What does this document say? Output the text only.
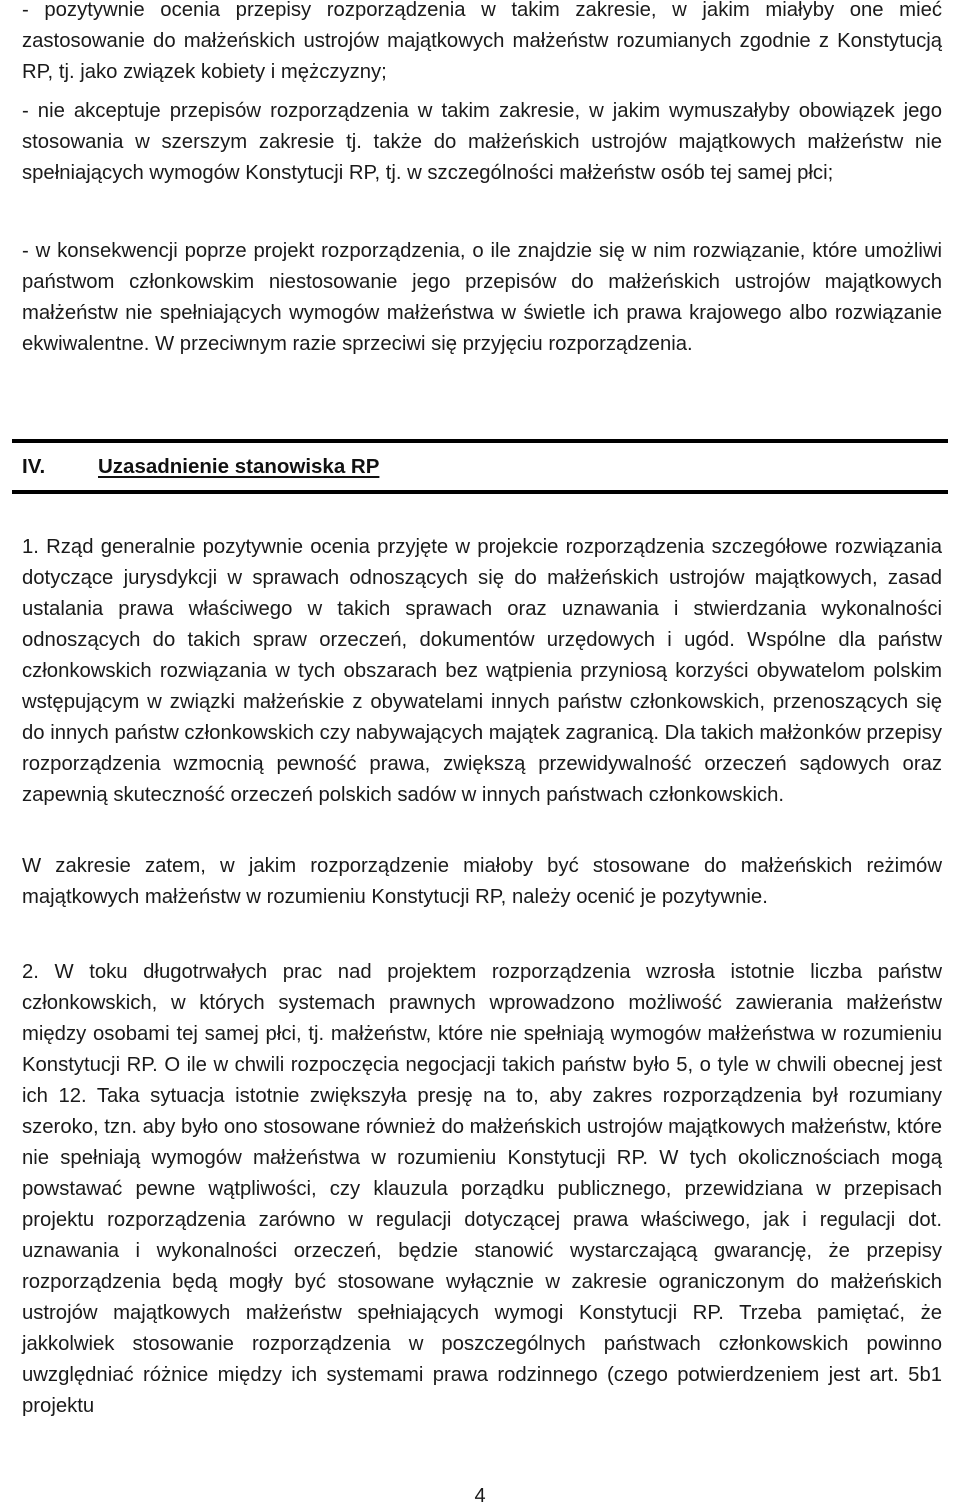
- pozytywnie ocenia przepisy rozporządzenia w takim zakresie, w jakim miałyby one mieć zastosowanie do małżeńskich ustrojów majątkowych małżeństw rozumianych zgodnie z Konstytucją RP, tj. jako związek kobiety i mężczyzny;

- nie akceptuje przepisów rozporządzenia w takim zakresie, w jakim wymuszałyby obowiązek jego stosowania w szerszym zakresie tj. także do małżeńskich ustrojów majątkowych małżeństw nie spełniających wymogów Konstytucji RP, tj. w szczególności małżeństw osób tej samej płci;

- w konsekwencji poprze projekt rozporządzenia, o ile znajdzie się w nim rozwiązanie, które umożliwi państwom członkowskim niestosowanie jego przepisów do małżeńskich ustrojów majątkowych małżeństw nie spełniających wymogów małżeństwa w świetle ich prawa krajowego albo rozwiązanie ekwiwalentne. W przeciwnym razie sprzeciwi się przyjęciu rozporządzenia.

IV.	Uzasadnienie stanowiska RP

1. Rząd generalnie pozytywnie ocenia przyjęte w projekcie rozporządzenia szczegółowe rozwiązania dotyczące jurysdykcji w sprawach odnoszących się do małżeńskich ustrojów majątkowych, zasad ustalania prawa właściwego w takich sprawach oraz uznawania i stwierdzania wykonalności odnoszących do takich spraw orzeczeń, dokumentów urzędowych i ugód. Wspólne dla państw członkowskich rozwiązania w tych obszarach bez wątpienia przyniosą korzyści obywatelom polskim wstępującym w związki małżeńskie z obywatelami innych państw członkowskich, przenoszących się do innych państw członkowskich czy nabywających majątek zagranicą. Dla takich małżonków przepisy rozporządzenia wzmocnią pewność prawa, zwiększą przewidywalność orzeczeń sądowych oraz zapewnią skuteczność orzeczeń polskich sadów w innych państwach członkowskich.

W zakresie zatem, w jakim rozporządzenie miałoby być stosowane do małżeńskich reżimów majątkowych małżeństw w rozumieniu Konstytucji RP, należy ocenić je pozytywnie.

2. W toku długotrwałych prac nad projektem rozporządzenia wzrosła istotnie liczba państw członkowskich, w których systemach prawnych wprowadzono możliwość zawierania małżeństw między osobami tej samej płci, tj. małżeństw, które nie spełniają wymogów małżeństwa w rozumieniu Konstytucji RP. O ile w chwili rozpoczęcia negocjacji takich państw było 5, o tyle w chwili obecnej jest ich 12. Taka sytuacja istotnie zwiększyła presję na to, aby zakres rozporządzenia był rozumiany szeroko, tzn. aby było ono stosowane również do małżeńskich ustrojów majątkowych małżeństw, które nie spełniają wymogów małżeństwa w rozumieniu Konstytucji RP. W tych okolicznościach mogą powstawać pewne wątpliwości, czy klauzula porządku publicznego, przewidziana w przepisach projektu rozporządzenia zarówno w regulacji dotyczącej prawa właściwego, jak i regulacji dot. uznawania i wykonalności orzeczeń, będzie stanowić wystarczającą gwarancję, że przepisy rozporządzenia będą mogły być stosowane wyłącznie w zakresie ograniczonym do małżeńskich ustrojów majątkowych małżeństw spełniających wymogi Konstytucji RP. Trzeba pamiętać, że jakkolwiek stosowanie rozporządzenia w poszczególnych państwach członkowskich powinno uwzględniać różnice między ich systemami prawa rodzinnego (czego potwierdzeniem jest art. 5b1 projektu

4
